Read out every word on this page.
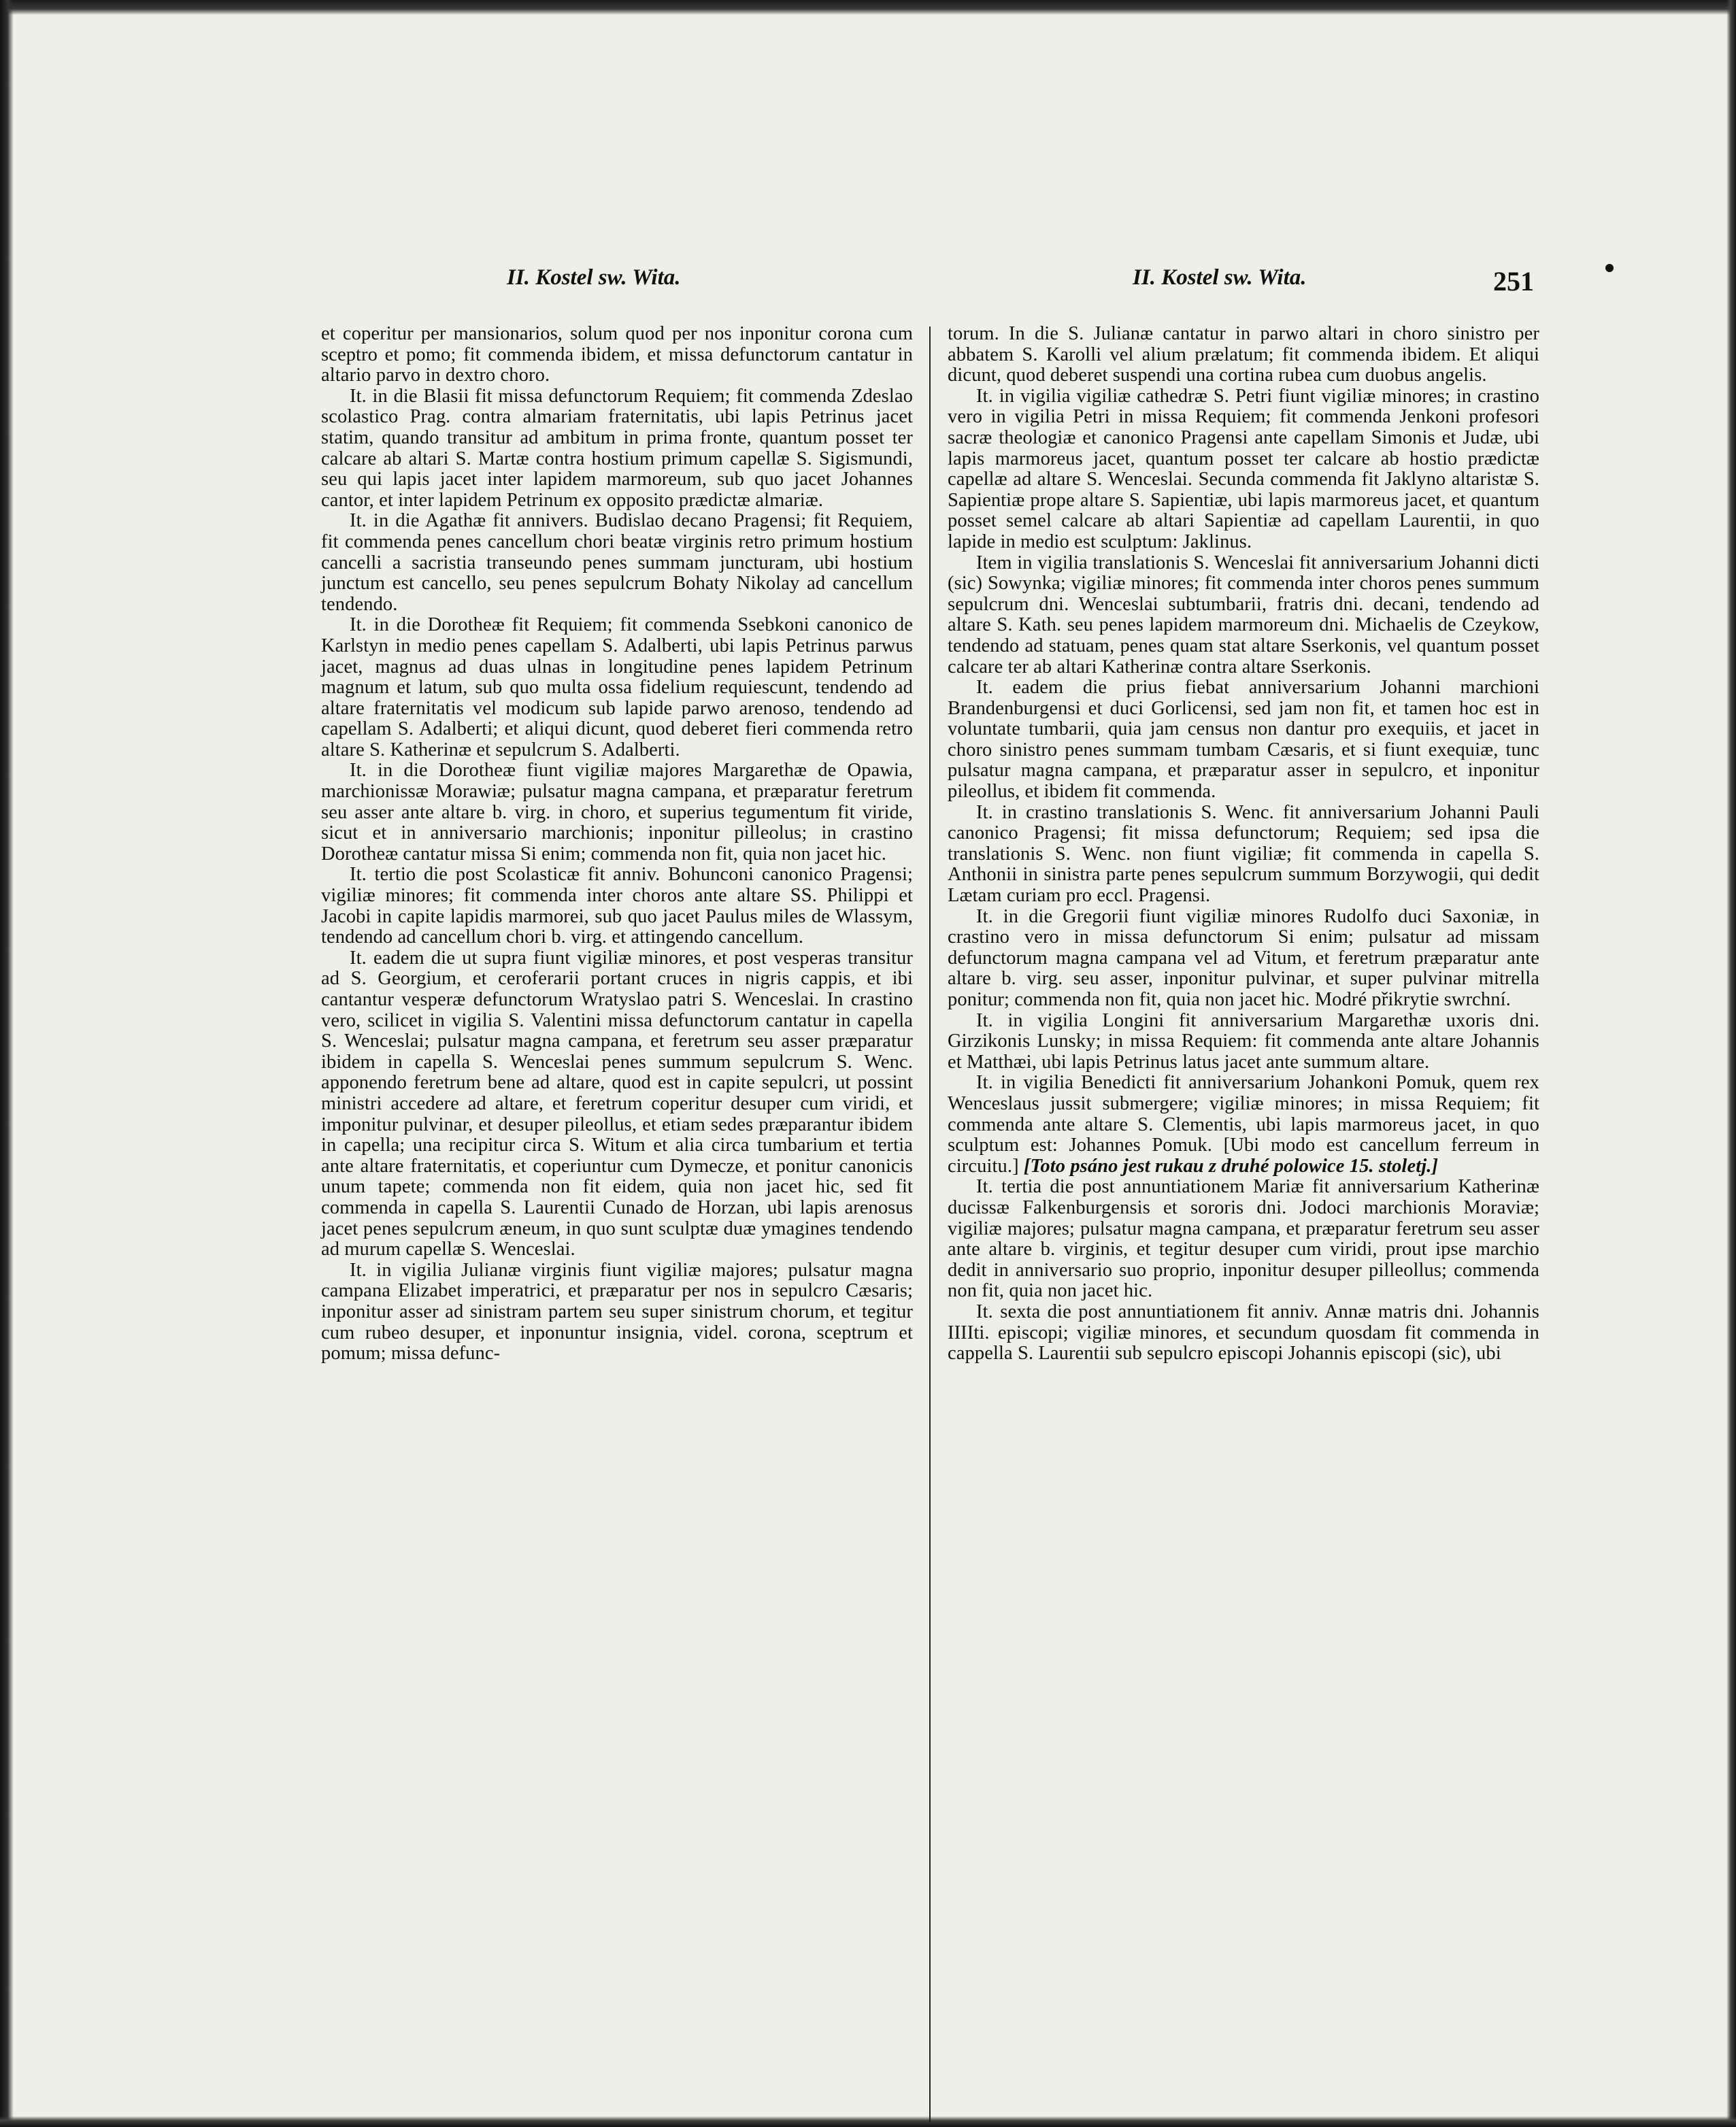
II. Kostel sw. Wita.	II. Kostel sw. Wita.	251

et coperitur per mansionarios, solum quod per nos inponitur corona cum sceptro et pomo; fit commenda ibidem, et missa defunctorum cantatur in altario parvo in dextro choro.

It. in die Blasii fit missa defunctorum Requiem; fit commenda Zdeslao scolastico Prag. contra almariam fraternitatis, ubi lapis Petrinus jacet statim, quando transitur ad ambitum in prima fronte, quantum posset ter calcare ab altari S. Martæ contra hostium primum capellæ S. Sigismundi, seu qui lapis jacet inter lapidem marmoreum, sub quo jacet Johannes cantor, et inter lapidem Petrinum ex opposito prædictæ almariæ.

It. in die Agathæ fit annivers. Budislao decano Pragensi; fit Requiem, fit commenda penes cancellum chori beatæ virginis retro primum hostium cancelli a sacristia transeundo penes summam juncturam, ubi hostium junctum est cancello, seu penes sepulcrum Bohaty Nikolay ad cancellum tendendo.

It. in die Dorotheæ fit Requiem; fit commenda Ssebkoni canonico de Karlstyn in medio penes capellam S. Adalberti, ubi lapis Petrinus parwus jacet, magnus ad duas ulnas in longitudine penes lapidem Petrinum magnum et latum, sub quo multa ossa fidelium requiescunt, tendendo ad altare fraternitatis vel modicum sub lapide parwo arenoso, tendendo ad capellam S. Adalberti; et aliqui dicunt, quod deberet fieri commenda retro altare S. Katherinæ et sepulcrum S. Adalberti.

It. in die Dorotheæ fiunt vigiliæ majores Margarethæ de Opawia, marchionissæ Morawiæ; pulsatur magna campana, et præparatur feretrum seu asser ante altare b. virg. in choro, et superius tegumentum fit viride, sicut et in anniversario marchionis; inponitur pilleolus; in crastino Dorotheæ cantatur missa Si enim; commenda non fit, quia non jacet hic.

It. tertio die post Scolasticæ fit anniv. Bohunconi canonico Pragensi; vigiliæ minores; fit commenda inter choros ante altare SS. Philippi et Jacobi in capite lapidis marmorei, sub quo jacet Paulus miles de Wlassym, tendendo ad cancellum chori b. virg. et attingendo cancellum.

It. eadem die ut supra fiunt vigiliæ minores, et post vesperas transitur ad S. Georgium, et ceroferarii portant cruces in nigris cappis, et ibi cantantur vesperæ defunctorum Wratyslao patri S. Wenceslai. In crastino vero, scilicet in vigilia S. Valentini missa defunctorum cantatur in capella S. Wenceslai; pulsatur magna campana, et feretrum seu asser præparatur ibidem in capella S. Wenceslai penes summum sepulcrum S. Wenc. apponendo feretrum bene ad altare, quod est in capite sepulcri, ut possint ministri accedere ad altare, et feretrum coperitur desuper cum viridi, et imponitur pulvinar, et desuper pileollus, et etiam sedes præparantur ibidem in capella; una recipitur circa S. Witum et alia circa tumbarium et tertia ante altare fraternitatis, et coperiuntur cum Dymecze, et ponitur canonicis unum tapete; commenda non fit eidem, quia non jacet hic, sed fit commenda in capella S. Laurentii Cunado de Horzan, ubi lapis arenosus jacet penes sepulcrum æneum, in quo sunt sculptæ duæ ymagines tendendo ad murum capellæ S. Wenceslai.

It. in vigilia Julianæ virginis fiunt vigiliæ majores; pulsatur magna campana Elizabet imperatrici, et præparatur per nos in sepulcro Cæsaris; inponitur asser ad sinistram partem seu super sinistrum chorum, et tegitur cum rubeo desuper, et inponuntur insignia, videl. corona, sceptrum et pomum; missa defunc-

torum. In die S. Julianæ cantatur in parwo altari in choro sinistro per abbatem S. Karolli vel alium prælatum; fit commenda ibidem. Et aliqui dicunt, quod deberet suspendi una cortina rubea cum duobus angelis.

It. in vigilia vigiliæ cathedræ S. Petri fiunt vigiliæ minores; in crastino vero in vigilia Petri in missa Requiem; fit commenda Jenkoni profesori sacræ theologiæ et canonico Pragensi ante capellam Simonis et Judæ, ubi lapis marmoreus jacet, quantum posset ter calcare ab hostio prædictæ capellæ ad altare S. Wenceslai. Secunda commenda fit Jaklyno altaristæ S. Sapientiæ prope altare S. Sapientiæ, ubi lapis marmoreus jacet, et quantum posset semel calcare ab altari Sapientiæ ad capellam Laurentii, in quo lapide in medio est sculptum: Jaklinus.

Item in vigilia translationis S. Wenceslai fit anniversarium Johanni dicti (sic) Sowynka; vigiliæ minores; fit commenda inter choros penes summum sepulcrum dni. Wenceslai subtumbarii, fratris dni. decani, tendendo ad altare S. Kath. seu penes lapidem marmoreum dni. Michaelis de Czeykow, tendendo ad statuam, penes quam stat altare Sserkonis, vel quantum posset calcare ter ab altari Katherinæ contra altare Sserkonis.

It. eadem die prius fiebat anniversarium Johanni marchioni Brandenburgensi et duci Gorlicensi, sed jam non fit, et tamen hoc est in voluntate tumbarii, quia jam census non dantur pro exequiis, et jacet in choro sinistro penes summam tumbam Cæsaris, et si fiunt exequiæ, tunc pulsatur magna campana, et præparatur asser in sepulcro, et inponitur pileollus, et ibidem fit commenda.

It. in crastino translationis S. Wenc. fit anniversarium Johanni Pauli canonico Pragensi; fit missa defunctorum; Requiem; sed ipsa die translationis S. Wenc. non fiunt vigiliæ; fit commenda in capella S. Anthonii in sinistra parte penes sepulcrum summum Borzywogii, qui dedit Lætam curiam pro eccl. Pragensi.

It. in die Gregorii fiunt vigiliæ minores Rudolfo duci Saxoniæ, in crastino vero in missa defunctorum Si enim; pulsatur ad missam defunctorum magna campana vel ad Vitum, et feretrum præparatur ante altare b. virg. seu asser, inponitur pulvinar, et super pulvinar mitrella ponitur; commenda non fit, quia non jacet hic. Modré přikrytie swrchní.

It. in vigilia Longini fit anniversarium Margarethæ uxoris dni. Girzikonis Lunsky; in missa Requiem: fit commenda ante altare Johannis et Matthæi, ubi lapis Petrinus latus jacet ante summum altare.

It. in vigilia Benedicti fit anniversarium Johankoni Pomuk, quem rex Wenceslaus jussit submergere; vigiliæ minores; in missa Requiem; fit commenda ante altare S. Clementis, ubi lapis marmoreus jacet, in quo sculptum est: Johannes Pomuk. [Ubi modo est cancellum ferreum in circuitu.] [Toto psáno jest rukau z druhé polowice 15. stoletj.]

It. tertia die post annuntiationem Mariæ fit anniversarium Katherinæ ducissæ Falkenburgensis et sororis dni. Jodoci marchionis Moraviæ; vigiliæ majores; pulsatur magna campana, et præparatur feretrum seu asser ante altare b. virginis, et tegitur desuper cum viridi, prout ipse marchio dedit in anniversario suo proprio, inponitur desuper pilleollus; commenda non fit, quia non jacet hic.

It. sexta die post annuntiationem fit anniv. Annæ matris dni. Johannis IIIIti. episcopi; vigiliæ minores, et secundum quosdam fit commenda in cappella S. Laurentii sub sepulcro episcopi Johannis episcopi (sic), ubi
